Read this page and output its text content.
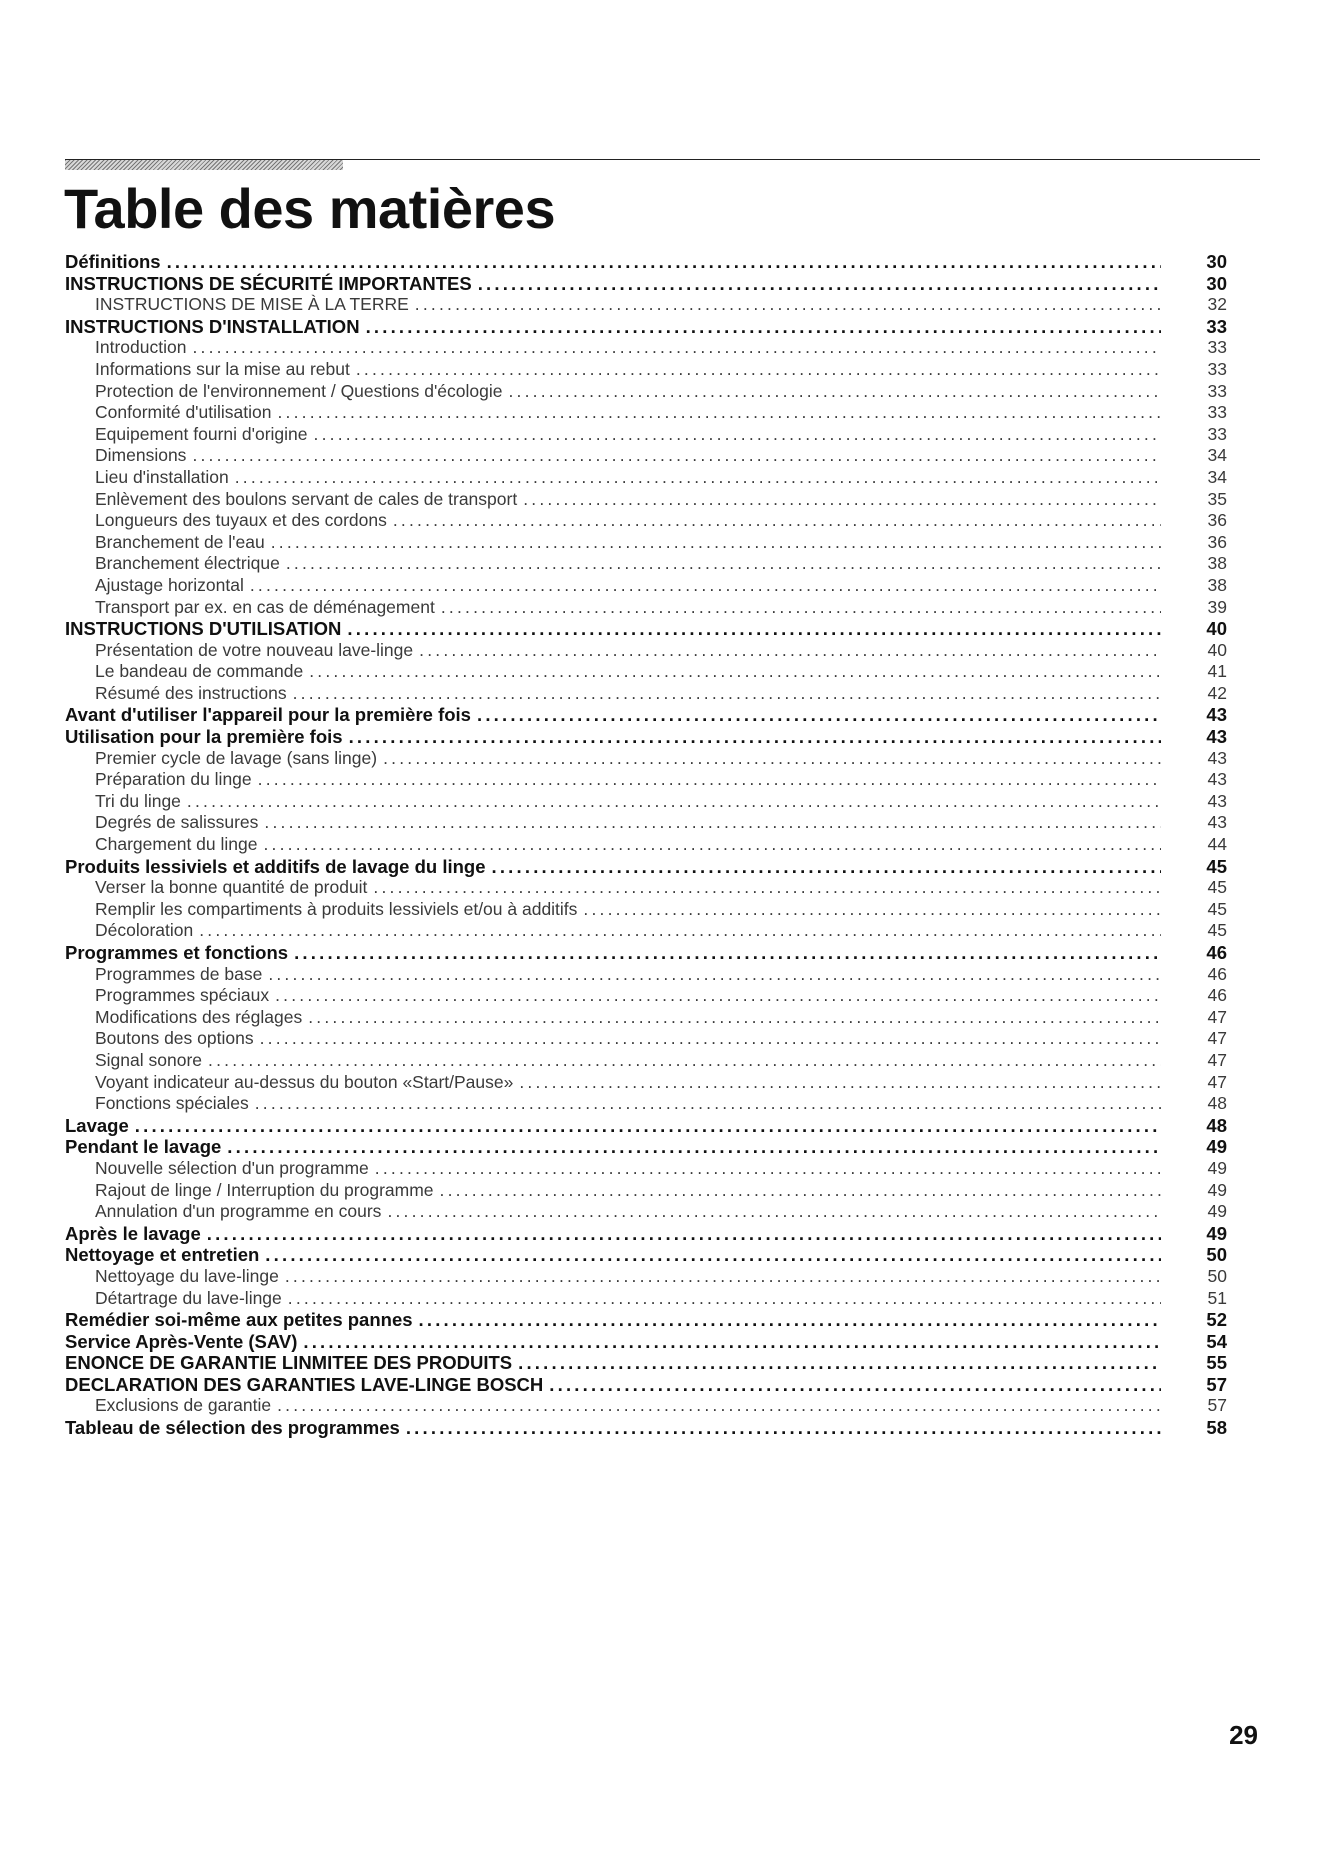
Table des matières
Définitions .....	30
INSTRUCTIONS DE SÉCURITÉ IMPORTANTES .....	30
INSTRUCTIONS DE MISE À LA TERRE .....	32
INSTRUCTIONS D'INSTALLATION .....	33
Introduction .....	33
Informations sur la mise au rebut .....	33
Protection de l'environnement / Questions d'écologie .....	33
Conformité d'utilisation .....	33
Equipement fourni d'origine .....	33
Dimensions .....	34
Lieu d'installation .....	34
Enlèvement des boulons servant de cales de transport .....	35
Longueurs des tuyaux et des cordons .....	36
Branchement de l'eau .....	36
Branchement électrique .....	38
Ajustage horizontal .....	38
Transport par ex. en cas de déménagement .....	39
INSTRUCTIONS D'UTILISATION .....	40
Présentation de votre nouveau lave-linge .....	40
Le bandeau de commande .....	41
Résumé des instructions .....	42
Avant d'utiliser l'appareil pour la première fois .....	43
Utilisation pour la première fois .....	43
Premier cycle de lavage (sans linge) .....	43
Préparation du linge .....	43
Tri du linge .....	43
Degrés de salissures .....	43
Chargement du linge .....	44
Produits lessiviels et additifs de lavage du linge .....	45
Verser la bonne quantité de produit .....	45
Remplir les compartiments à produits lessiviels et/ou à additifs .....	45
Décoloration .....	45
Programmes et fonctions .....	46
Programmes de base .....	46
Programmes spéciaux .....	46
Modifications des réglages .....	47
Boutons des options .....	47
Signal sonore .....	47
Voyant indicateur au-dessus du bouton «Start/Pause» .....	47
Fonctions spéciales .....	48
Lavage .....	48
Pendant le lavage .....	49
Nouvelle sélection d'un programme .....	49
Rajout de linge / Interruption du programme .....	49
Annulation d'un programme en cours .....	49
Après le lavage .....	49
Nettoyage et entretien .....	50
Nettoyage du lave-linge .....	50
Détartrage du lave-linge .....	51
Remédier soi-même aux petites pannes .....	52
Service Après-Vente (SAV) .....	54
ENONCE DE GARANTIE LINMITEE DES PRODUITS .....	55
DECLARATION DES GARANTIES LAVE-LINGE BOSCH .....	57
Exclusions de garantie .....	57
Tableau de sélection des programmes .....	58
29
